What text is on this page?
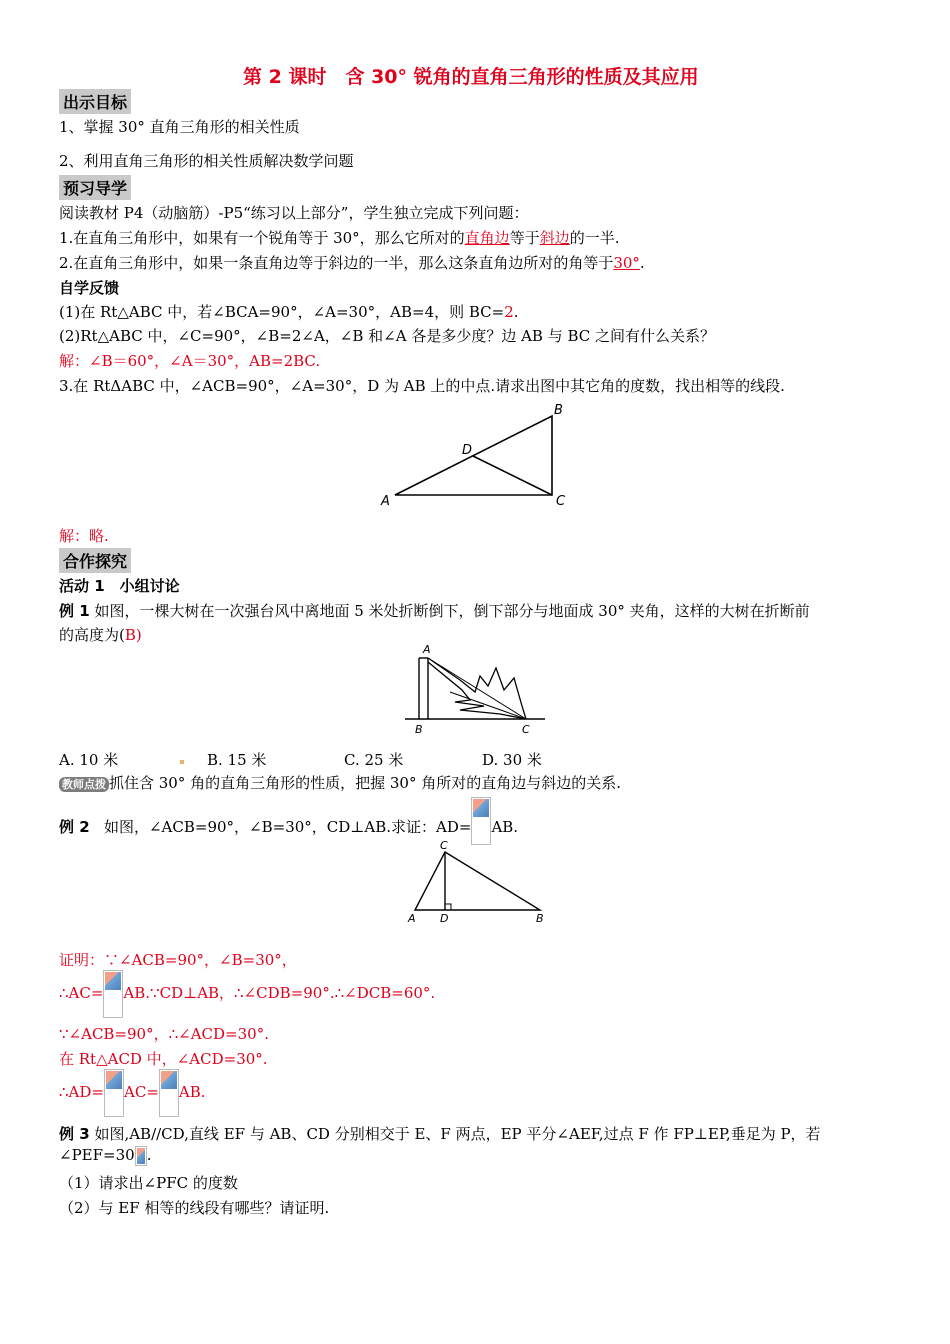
第 2 课时　含 30° 锐角的直角三角形的性质及其应用
出示目标
1、掌握 30° 直角三角形的相关性质
2、利用直角三角形的相关性质解决数学问题
预习导学
阅读教材 P4（动脑筋）-P5“练习以上部分”，学生独立完成下列问题：
1.在直角三角形中，如果有一个锐角等于 30°，那么它所对的直角边等于斜边的一半.
2.在直角三角形中，如果一条直角边等于斜边的一半，那么这条直角边所对的角等于30°.
自学反馈
(1)在 Rt△ABC 中，若∠BCA=90°，∠A=30°，AB=4，则 BC=2.
(2)Rt△ABC 中，∠C=90°，∠B=2∠A，∠B 和∠A 各是多少度？边 AB 与 BC 之间有什么关系？
解：∠B＝60°，∠A＝30°，AB=2BC.
3.在 RtΔABC 中，∠ACB=90°，∠A=30°，D 为 AB 上的中点.请求出图中其它角的度数，找出相等的线段.
A
B
C
D
解：略.
合作探究
活动 1　小组讨论
例 1 如图，一棵大树在一次强台风中离地面 5 米处折断倒下，倒下部分与地面成 30° 夹角，这样的大树在折断前
的高度为(B)
A
B	C
A. 10 米	B. 15 米	C. 25 米	D. 30 米
教师点拨 抓住含 30° 角的直角三角形的性质，把握 30° 角所对的直角边与斜边的关系.
例 2 如图，∠ACB=90°，∠B=30°，CD⊥AB.求证：AD= AB.
A
C
D	B
证明：∵∠ACB=90°，∠B=30°，
∴AC= AB.∵CD⊥AB，∴∠CDB=90°.∴∠DCB=60°.
∵∠ACB=90°，∴∠ACD=30°.
在 Rt△ACD 中，∠ACD=30°.
∴AD= AC= AB.
例 3 如图,AB//CD,直线 EF 与 AB、CD 分别相交于 E、F 两点，EP 平分∠AEF,过点 F 作 FP⊥EP,垂足为 P，若
∠PEF=30 .
（1）请求出∠PFC 的度数
（2）与 EF 相等的线段有哪些？请证明.
